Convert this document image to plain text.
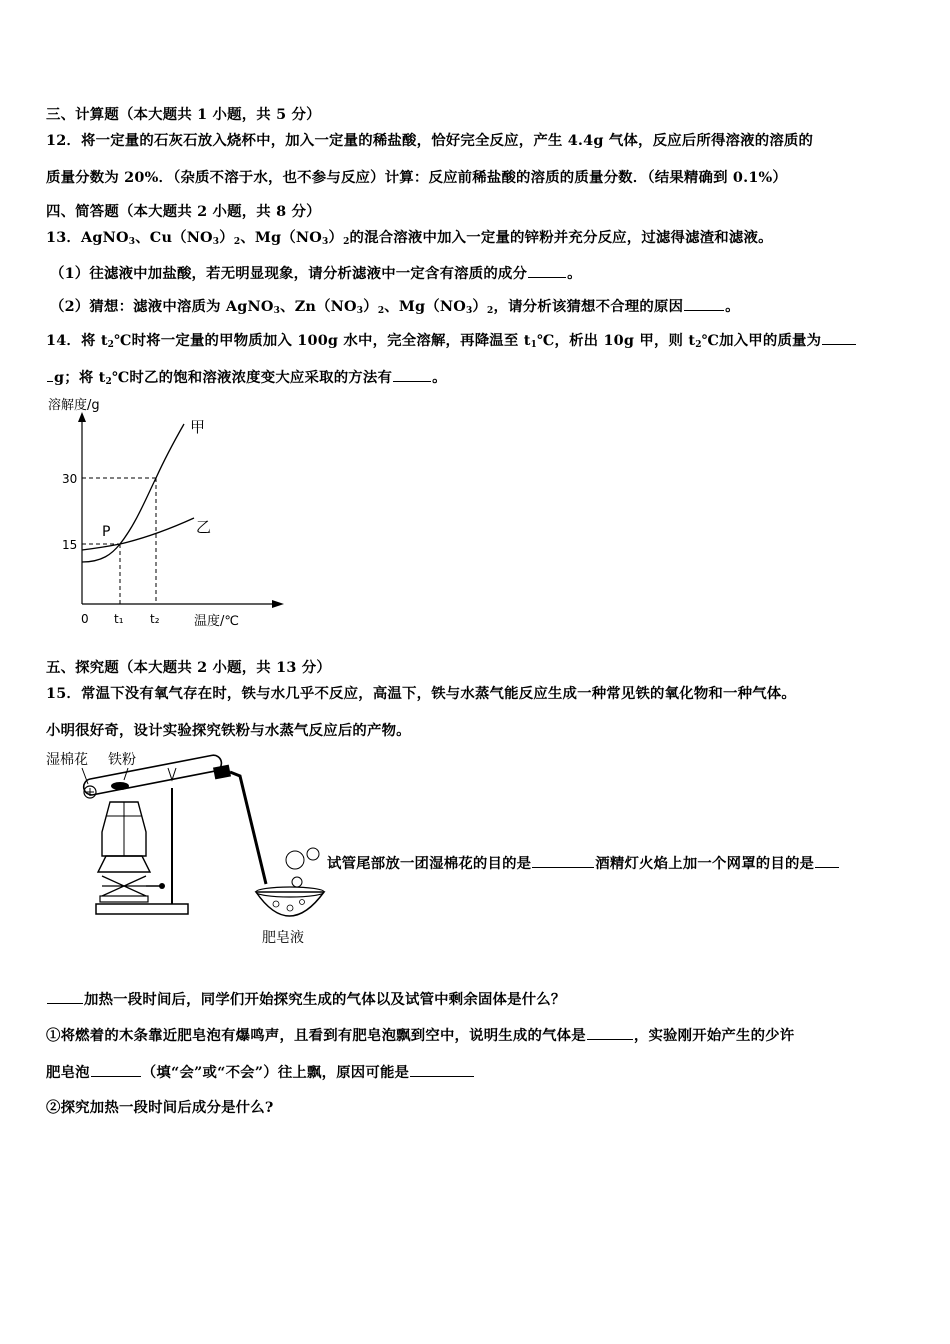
三、计算题（本大题共 1 小题，共 5 分）
12．将一定量的石灰石放入烧杯中，加入一定量的稀盐酸，恰好完全反应，产生 4.4g 气体，反应后所得溶液的溶质的
质量分数为 20%．（杂质不溶于水，也不参与反应）计算：反应前稀盐酸的溶质的质量分数．（结果精确到 0.1%）
四、简答题（本大题共 2 小题，共 8 分）
13．AgNO$_3$、$Cu(NO_3)_2$、$Mg(NO_3)_2$的混合溶液中加入一定量的锌粉并充分反应，过滤得滤渣和滤液。
（1）往滤液中加盐酸，若无明显现象，请分析滤液中一定含有溶质的成分	。
（2）猜想：滤液中溶质为 AgNO$_3$、$Zn(NO_3)_2$、$Mg(NO_3)_2$，请分析该猜想不合理的原因	。
14．将 $t_2℃$时将一定量的甲物质加入 100g 水中，完全溶解，再降温至 $t_1℃$，析出 10g 甲，则 $t_2℃$加入甲的质量为
g；将 $t_2℃$时乙的饱和溶液浓度变大应采取的方法有	。
溶解度/g
30
15
0 t₁ t₂	温度/℃
P
甲
乙
五、探究题（本大题共 2 小题，共 13 分）
15．常温下没有氧气存在时，铁与水几乎不反应，高温下，铁与水蒸气能反应生成一种常见铁的氧化物和一种气体。
小明很好奇，设计实验探究铁粉与水蒸气反应后的产物。
湿棉花 铁粉
肥皂液
试管尾部放一团湿棉花的目的是	酒精灯火焰上加一个网罩的目的是
加热一段时间后，同学们开始探究生成的气体以及试管中剩余固体是什么？
①将燃着的木条靠近肥皂泡有爆鸣声，且看到有肥皂泡飘到空中，说明生成的气体是	，实验刚开始产生的少许
肥皂泡	（填“会”或“不会”）往上飘，原因可能是
②探究加热一段时间后成分是什么?
